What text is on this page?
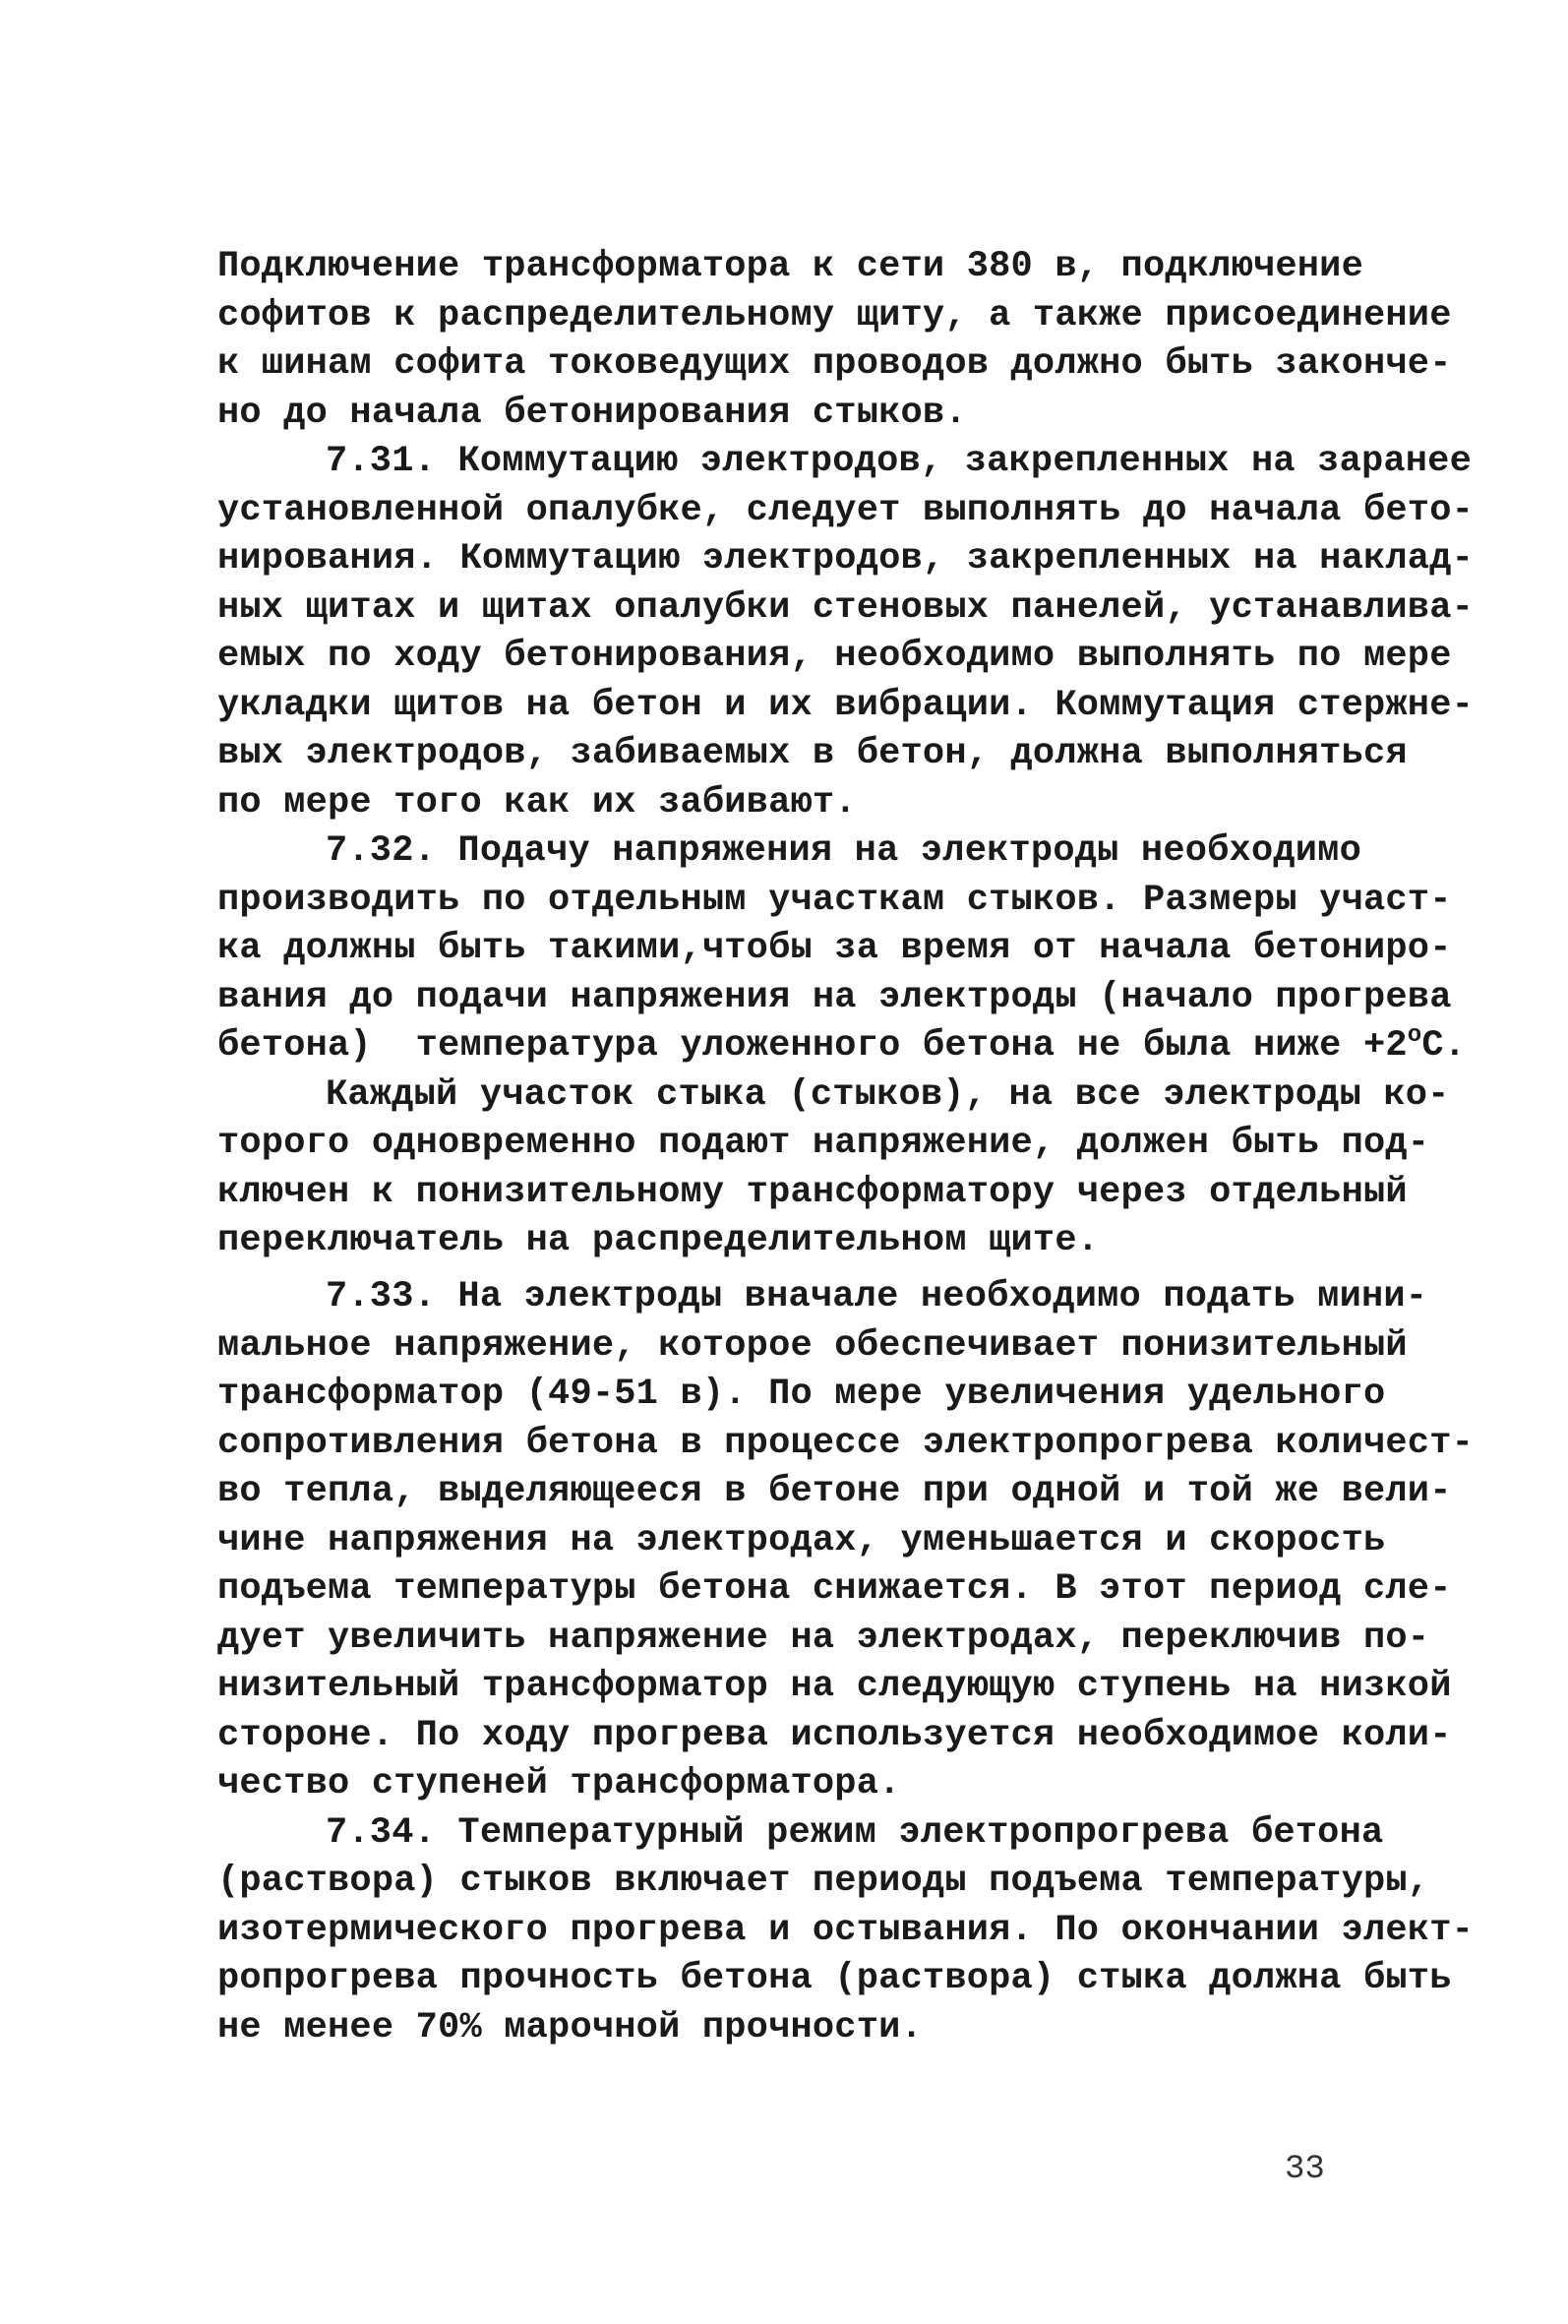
Подключение трансформатора к сети 380 в, подключение
софитов к распределительному щиту, а также присоединение
к шинам софита токоведущих проводов должно быть закончe-
но до начала бетонирования стыков.
7.31. Коммутацию электродов, закрепленных на заранее
установленной опалубке, следует выполнять до начала бето-
нирования. Коммутацию электродов, закрепленных на наклад-
ных щитах и щитах опалубки стеновых панелей, устанавлива-
емых по ходу бетонирования, необходимо выполнять по мере
укладки щитов на бетон и их вибрации. Коммутация стержне-
вых электродов, забиваемых в бетон, должна выполняться
по мере того как их забивают.
7.32. Подачу напряжения на электроды необходимо
производить по отдельным участкам стыков. Размеры участ-
ка должны быть такими,чтобы за время от начала бетониро-
вания до подачи напряжения на электроды (начало прогрева
бетона)  температура уложенного бетона не была ниже $+2^оС$.
Каждый участок стыка (стыков), на все электроды ко-
торого одновременно подают напряжение, должен быть под-
ключен к понизительному трансформатору через отдельный
переключатель на распределительном щите.
7.33. На электроды вначале необходимо подать мини-
мальное напряжение, которое обеспечивает понизительный
трансформатор (49-51 в). По мере увеличения удельного
сопротивления бетона в процессе электропрогрева количест-
во тепла, выделяющееся в бетоне при одной и той же вели-
чине напряжения на электродах, уменьшается и скорость
подъема температуры бетона снижается. В этот период сле-
дует увеличить напряжение на электродах, переключив по-
низительный трансформатор на следующую ступень на низкой
стороне. По ходу прогрева используется необходимое коли-
чество ступеней трансформатора.
7.34. Температурный режим электропрогрева бетона
(раствора) стыков включает периоды подъема температуры,
изотермического прогрева и остывания. По окончании элект-
ропрогрева прочность бетона (раствора) стыка должна быть
не менее 70% марочной прочности.
33
